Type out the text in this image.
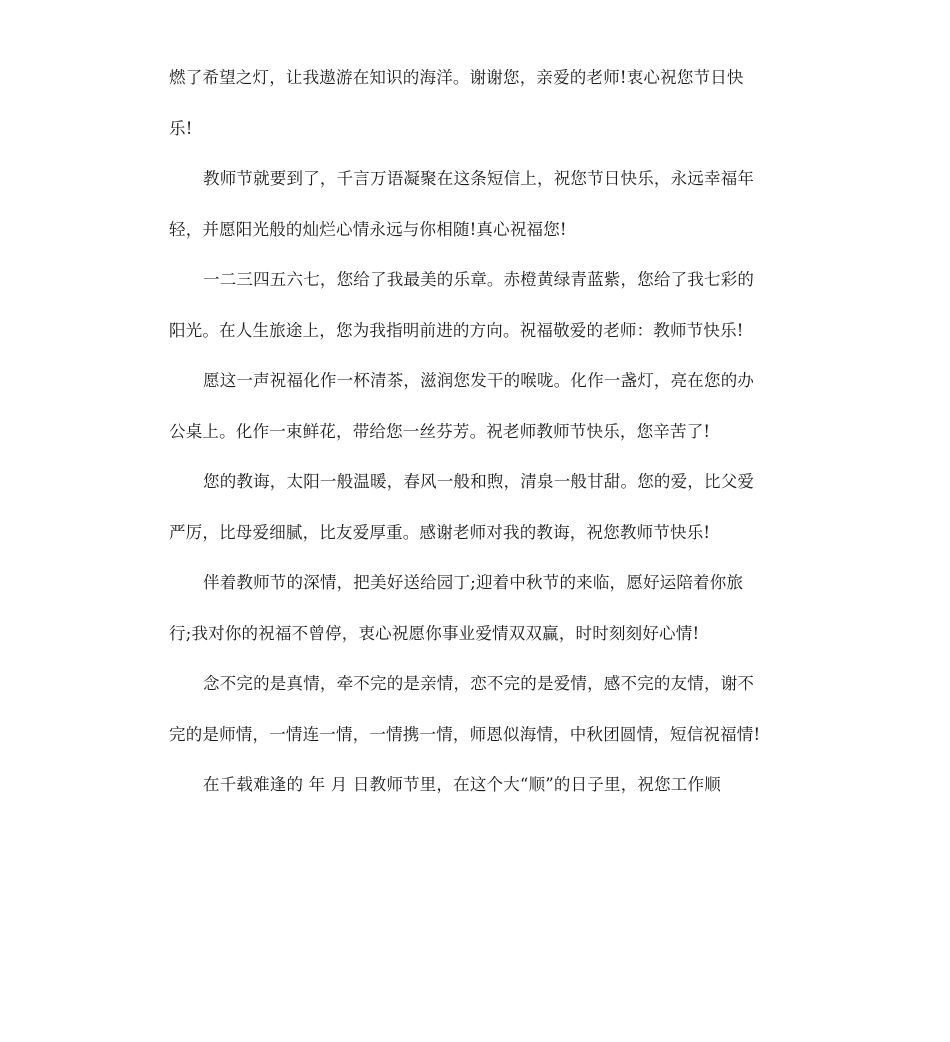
燃了希望之灯，让我遨游在知识的海洋。谢谢您，亲爱的老师!衷心祝您节日快
乐!
教师节就要到了，千言万语凝聚在这条短信上，祝您节日快乐，永远幸福年
轻，并愿阳光般的灿烂心情永远与你相随!真心祝福您!
一二三四五六七，您给了我最美的乐章。赤橙黄绿青蓝紫，您给了我七彩的
阳光。在人生旅途上，您为我指明前进的方向。祝福敬爱的老师：教师节快乐!
愿这一声祝福化作一杯清茶，滋润您发干的喉咙。化作一盏灯，亮在您的办
公桌上。化作一束鲜花，带给您一丝芬芳。祝老师教师节快乐，您辛苦了!
您的教诲，太阳一般温暖，春风一般和煦，清泉一般甘甜。您的爱，比父爱
严厉，比母爱细腻，比友爱厚重。感谢老师对我的教诲，祝您教师节快乐!
伴着教师节的深情，把美好送给园丁;迎着中秋节的来临，愿好运陪着你旅
行;我对你的祝福不曾停，衷心祝愿你事业爱情双双赢，时时刻刻好心情!
念不完的是真情，牵不完的是亲情，恋不完的是爱情，感不完的友情，谢不
完的是师情，一情连一情，一情携一情，师恩似海情，中秋团圆情，短信祝福情!
在千载难逢的 年 月 日教师节里，在这个大“顺”的日子里，祝您工作顺
